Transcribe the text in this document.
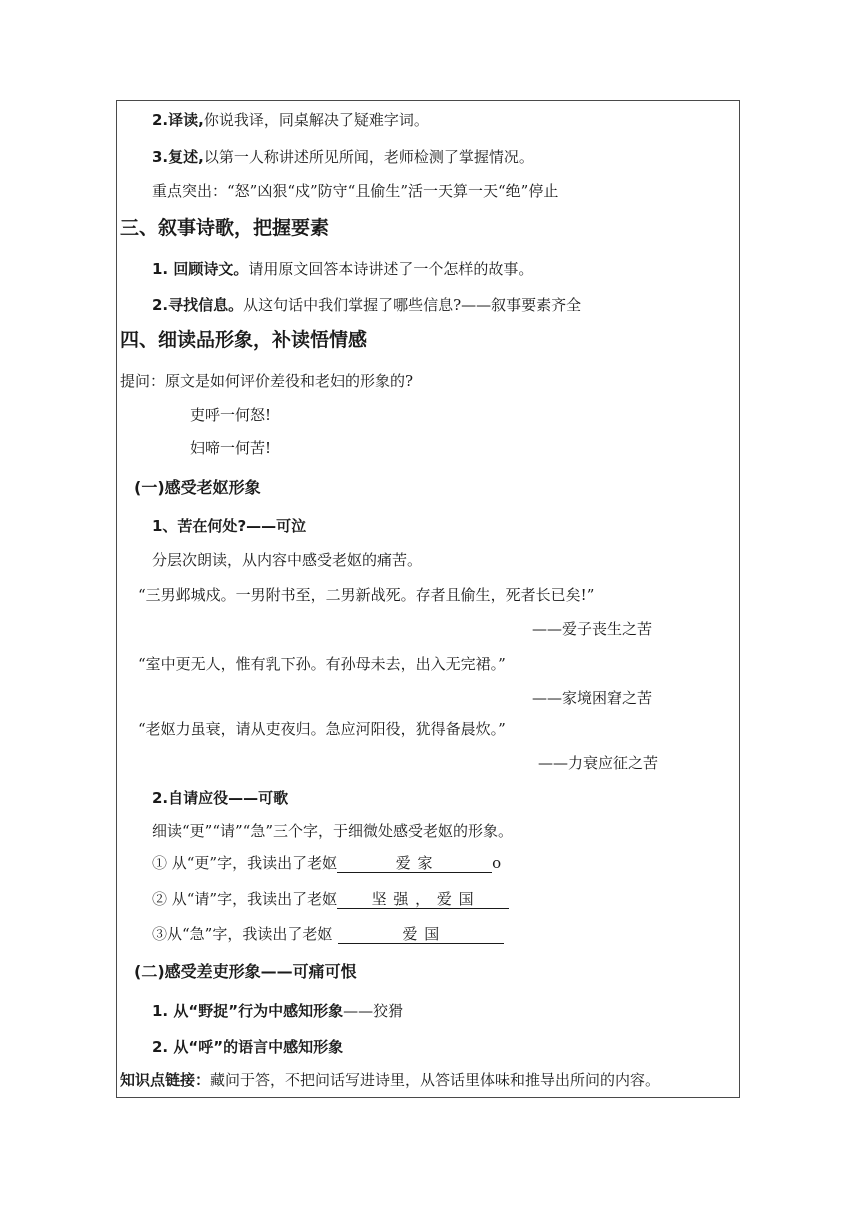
2.译读,你说我译，同桌解决了疑难字词。
3.复述,以第一人称讲述所见所闻，老师检测了掌握情况。
重点突出：“怒”凶狠“戍”防守“且偷生”活一天算一天“绝”停止
三、叙事诗歌，把握要素
1. 回顾诗文。请用原文回答本诗讲述了一个怎样的故事。
2.寻找信息。从这句话中我们掌握了哪些信息?——叙事要素齐全
四、细读品形象，补读悟情感
提问：原文是如何评价差役和老妇的形象的?
吏呼一何怒!
妇啼一何苦!
(一)感受老妪形象
1、苦在何处?——可泣
分层次朗读，从内容中感受老妪的痛苦。
“三男邺城戍。一男附书至，二男新战死。存者且偷生，死者长已矣!”
——爱子丧生之苦
“室中更无人，惟有乳下孙。有孙母未去，出入无完裙。”
——家境困窘之苦
“老妪力虽衰，请从吏夜归。急应河阳役，犹得备晨炊。”
——力衰应征之苦
2.自请应役——可歌
细读“更”“请”“急”三个字，于细微处感受老妪的形象。
① 从“更”字，我读出了老妪	爱 家	o
② 从“请”字，我读出了老妪 坚 强 ， 爱 国
③从“急”字，我读出了老妪	爱 国
(二)感受差吏形象——可痛可恨
1. 从“野捉”行为中感知形象——狡猾
2. 从“呼”的语言中感知形象
知识点链接：藏问于答，不把问话写进诗里，从答话里体味和推导出所问的内容。
